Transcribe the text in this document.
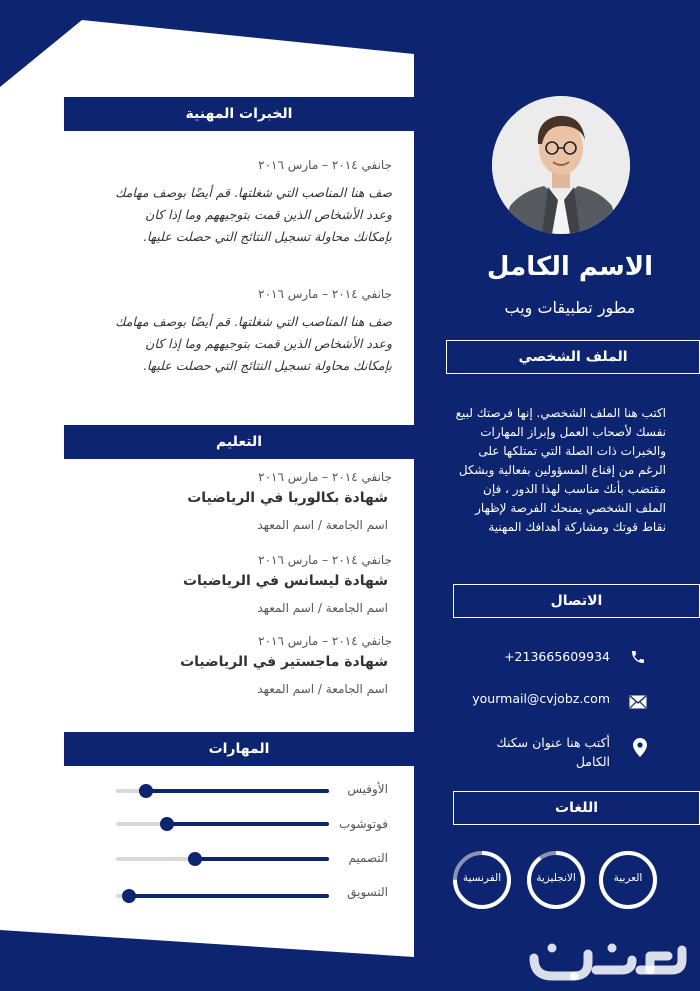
الخبرات المهنية
جانفي ٢٠١٤ – مارس ٢٠١٦
صف هنا المناصب التي شغلتها. قم أيضًا بوصف مهامك
وعدد الأشخاص الذين قمت بتوجيههم وما إذا كان
بإمكانك محاولة تسجيل النتائج التي حصلت عليها.
جانفي ٢٠١٤ – مارس ٢٠١٦
صف هنا المناصب التي شغلتها. قم أيضًا بوصف مهامك
وعدد الأشخاص الذين قمت بتوجيههم وما إذا كان
بإمكانك محاولة تسجيل النتائج التي حصلت عليها.
التعليم
جانفي ٢٠١٤ – مارس ٢٠١٦
شهادة بكالوريا في الرياضيات
اسم الجامعة / اسم المعهد
جانفي ٢٠١٤ – مارس ٢٠١٦
شهادة ليسانس في الرياضيات
اسم الجامعة / اسم المعهد
جانفي ٢٠١٤ – مارس ٢٠١٦
شهادة ماجستير في الرياضيات
اسم الجامعة / اسم المعهد
المهارات
الأوفيس
فوتوشوب
التصميم
التسويق
الاسم الكامل
مطور تطبيقات ويب
الملف الشخصي
اكتب هنا الملف الشخصي. إنها فرصتك لبيع نفسك لأصحاب العمل وإبراز المهارات والخبرات ذات الصلة التي تمتلكها على الرغم من إقناع المسؤولين بفعالية وبشكل مقتضب بأنك مناسب لهذا الدور ، فإن الملف الشخصي يمنحك الفرصة لإظهار نقاط قوتك ومشاركة أهدافك المهنية
الاتصال
+213665609934
yourmail@cvjobz.com
أكتب هنا عنوان سكنك الكامل
اللغات
العربية
الانجليزية
الفرنسية
